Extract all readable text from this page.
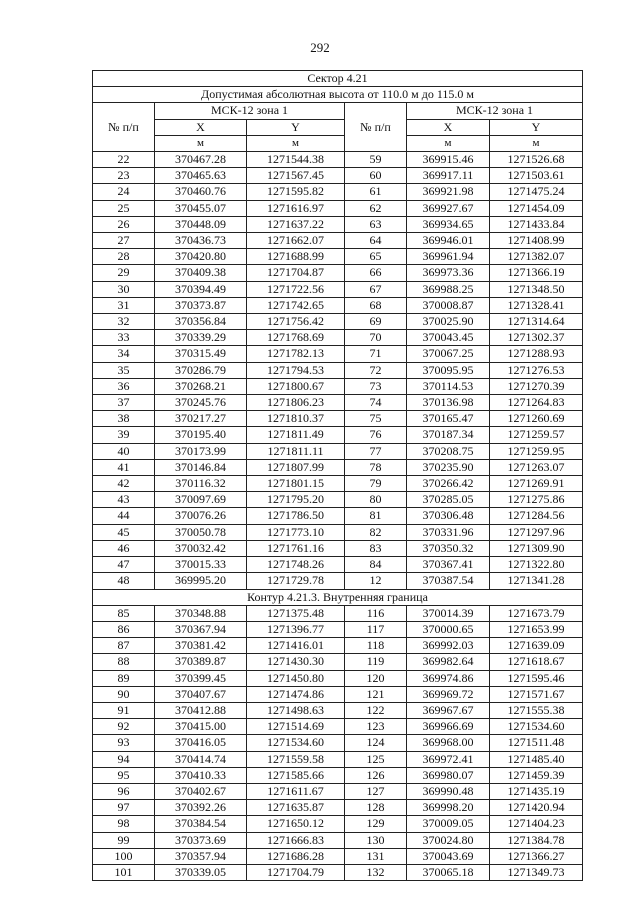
292
Сектор 4.21					
Допустимая абсолютная высота от 110.0 м до 115.0 м					
№ п/п	МСК-12 зона 1		№ п/п	МСК-12 зона 1	
	X	Y		X	Y
	м	м		м	м
22	370467.28	1271544.38	59	369915.46	1271526.68
23	370465.63	1271567.45	60	369917.11	1271503.61
24	370460.76	1271595.82	61	369921.98	1271475.24
25	370455.07	1271616.97	62	369927.67	1271454.09
26	370448.09	1271637.22	63	369934.65	1271433.84
27	370436.73	1271662.07	64	369946.01	1271408.99
28	370420.80	1271688.99	65	369961.94	1271382.07
29	370409.38	1271704.87	66	369973.36	1271366.19
30	370394.49	1271722.56	67	369988.25	1271348.50
31	370373.87	1271742.65	68	370008.87	1271328.41
32	370356.84	1271756.42	69	370025.90	1271314.64
33	370339.29	1271768.69	70	370043.45	1271302.37
34	370315.49	1271782.13	71	370067.25	1271288.93
35	370286.79	1271794.53	72	370095.95	1271276.53
36	370268.21	1271800.67	73	370114.53	1271270.39
37	370245.76	1271806.23	74	370136.98	1271264.83
38	370217.27	1271810.37	75	370165.47	1271260.69
39	370195.40	1271811.49	76	370187.34	1271259.57
40	370173.99	1271811.11	77	370208.75	1271259.95
41	370146.84	1271807.99	78	370235.90	1271263.07
42	370116.32	1271801.15	79	370266.42	1271269.91
43	370097.69	1271795.20	80	370285.05	1271275.86
44	370076.26	1271786.50	81	370306.48	1271284.56
45	370050.78	1271773.10	82	370331.96	1271297.96
46	370032.42	1271761.16	83	370350.32	1271309.90
47	370015.33	1271748.26	84	370367.41	1271322.80
48	369995.20	1271729.78	12	370387.54	1271341.28
Контур 4.21.3. Внутренняя граница					
85	370348.88	1271375.48	116	370014.39	1271673.79
86	370367.94	1271396.77	117	370000.65	1271653.99
87	370381.42	1271416.01	118	369992.03	1271639.09
88	370389.87	1271430.30	119	369982.64	1271618.67
89	370399.45	1271450.80	120	369974.86	1271595.46
90	370407.67	1271474.86	121	369969.72	1271571.67
91	370412.88	1271498.63	122	369967.67	1271555.38
92	370415.00	1271514.69	123	369966.69	1271534.60
93	370416.05	1271534.60	124	369968.00	1271511.48
94	370414.74	1271559.58	125	369972.41	1271485.40
95	370410.33	1271585.66	126	369980.07	1271459.39
96	370402.67	1271611.67	127	369990.48	1271435.19
97	370392.26	1271635.87	128	369998.20	1271420.94
98	370384.54	1271650.12	129	370009.05	1271404.23
99	370373.69	1271666.83	130	370024.80	1271384.78
100	370357.94	1271686.28	131	370043.69	1271366.27
101	370339.05	1271704.79	132	370065.18	1271349.73
